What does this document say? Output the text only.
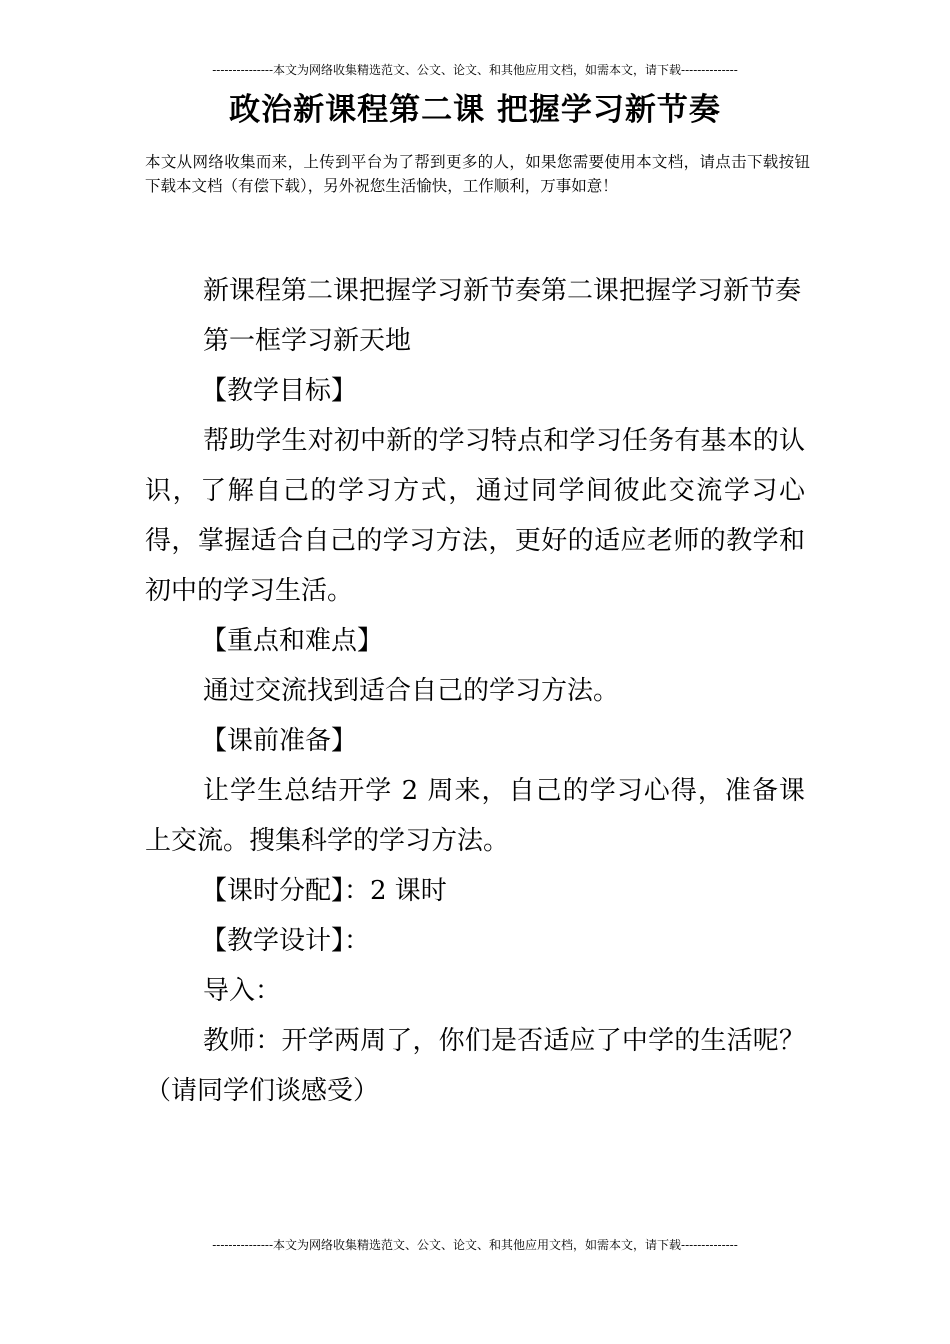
---------------本文为网络收集精选范文、公文、论文、和其他应用文档，如需本文，请下载--------------
政治新课程第二课 把握学习新节奏
本文从网络收集而来，上传到平台为了帮到更多的人，如果您需要使用本文档，请点击下载按钮下载本文档（有偿下载），另外祝您生活愉快，工作顺利，万事如意！

新课程第二课把握学习新节奏第二课把握学习新节奏

第一框学习新天地

【教学目标】

帮助学生对初中新的学习特点和学习任务有基本的认识，了解自己的学习方式，通过同学间彼此交流学习心得，掌握适合自己的学习方法，更好的适应老师的教学和初中的学习生活。

【重点和难点】

通过交流找到适合自己的学习方法。

【课前准备】

让学生总结开学 2 周来，自己的学习心得，准备课上交流。搜集科学的学习方法。

【课时分配】：2 课时

【教学设计】：

导入：

教师：开学两周了，你们是否适应了中学的生活呢？（请同学们谈感受）

---------------本文为网络收集精选范文、公文、论文、和其他应用文档，如需本文，请下载--------------
